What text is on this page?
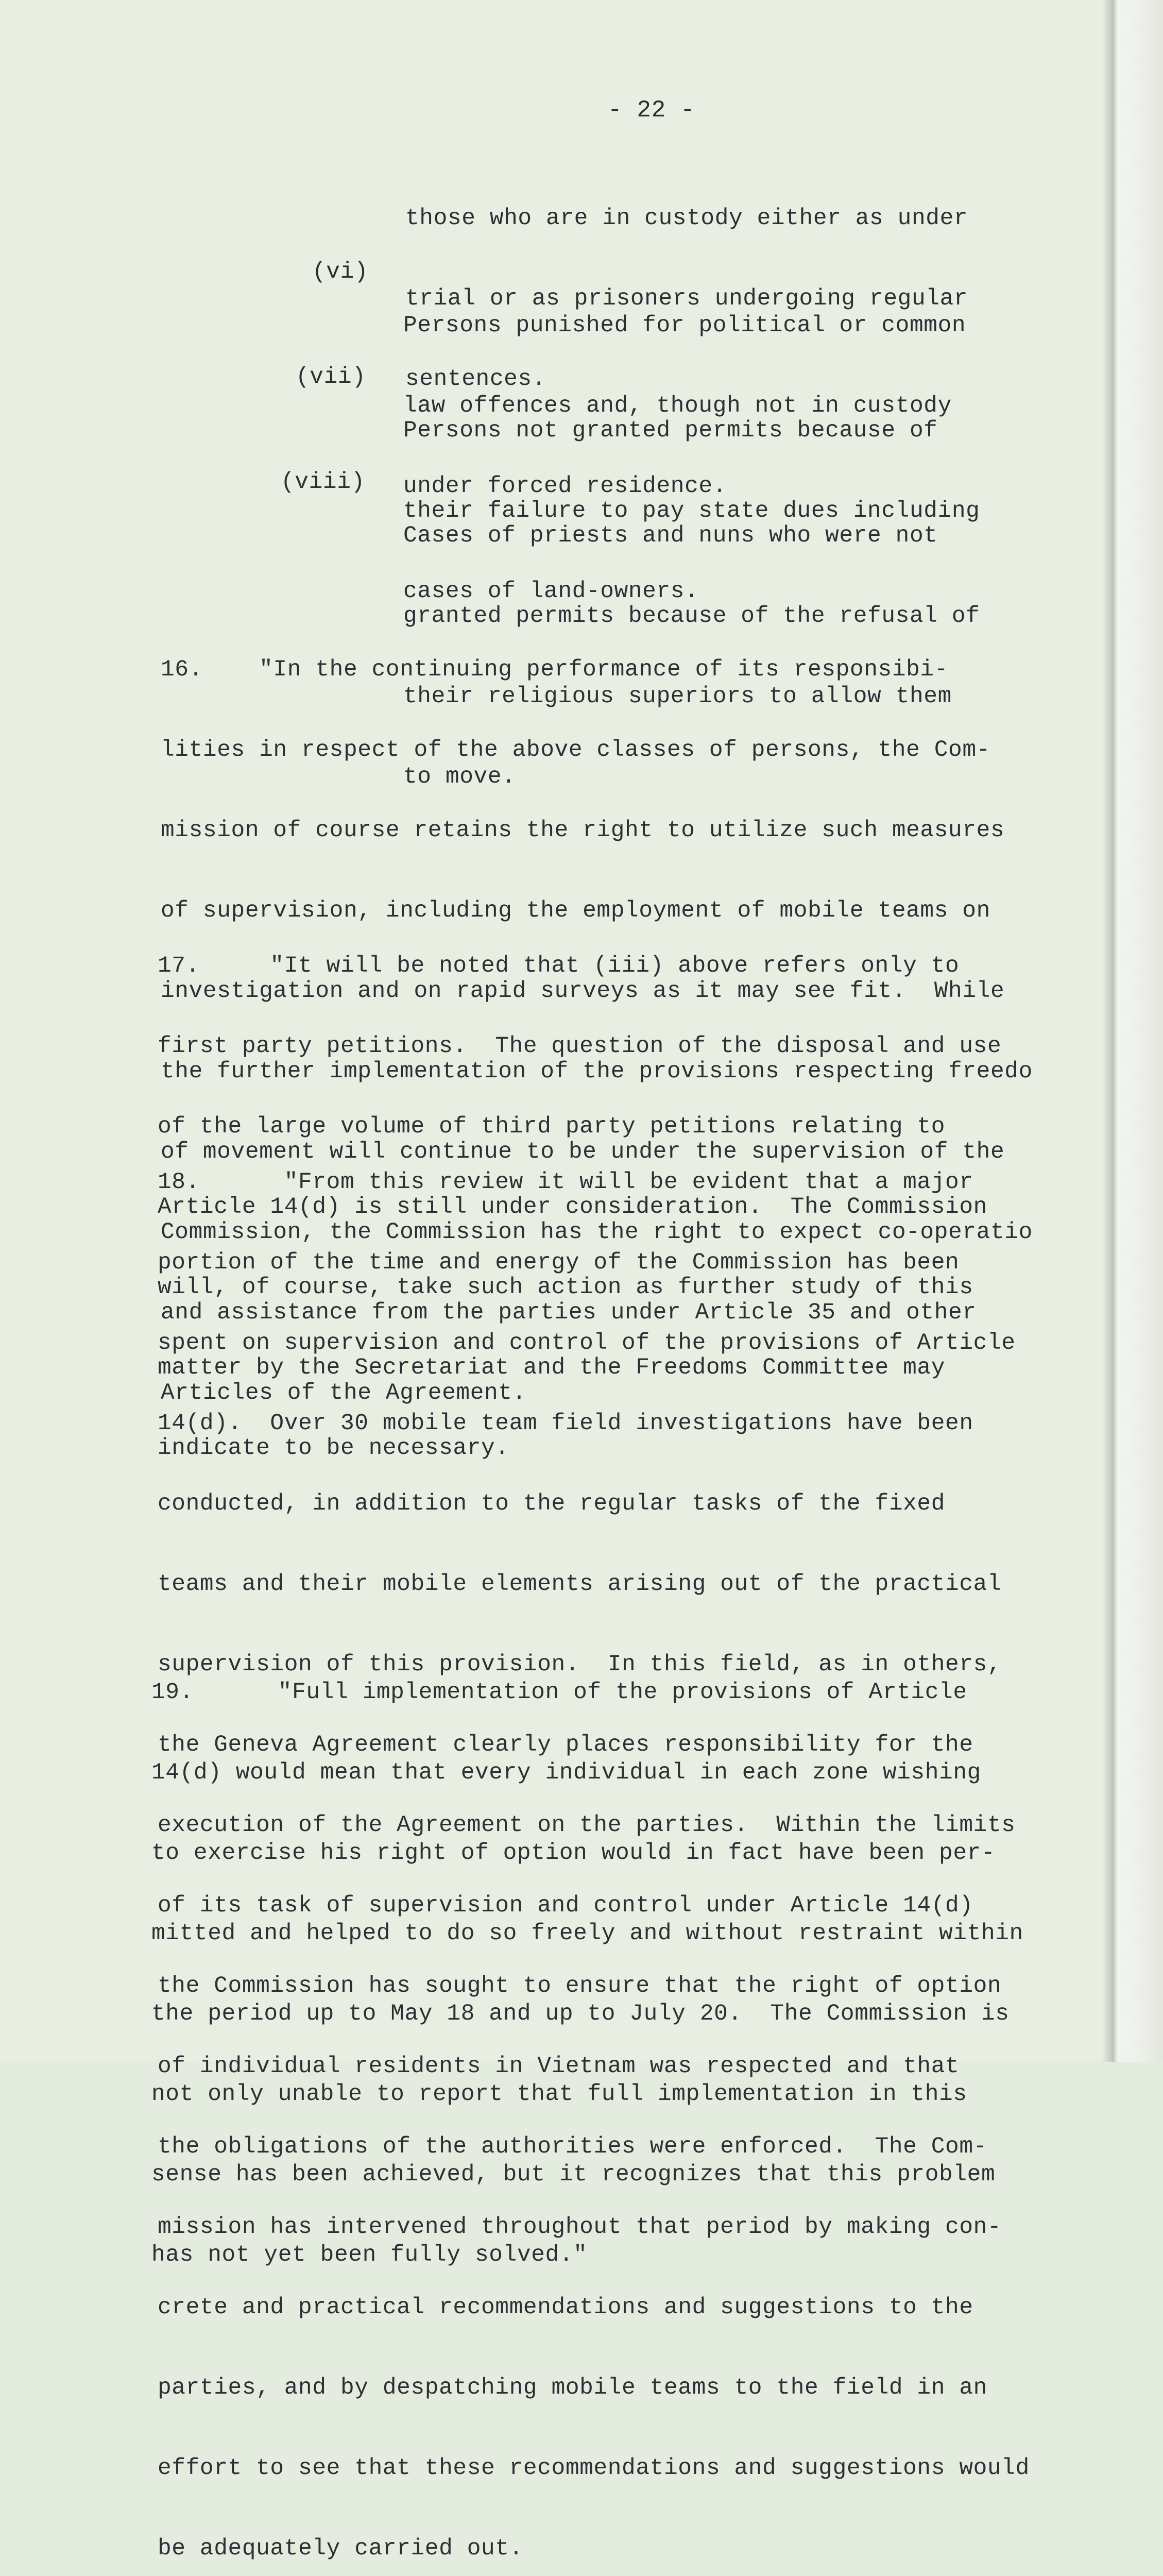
- 22 -

those who are in custody either as under

trial or as prisoners undergoing regular

sentences.

(vi)

Persons punished for political or common

law offences and, though not in custody

under forced residence.

(vii)

Persons not granted permits because of

their failure to pay state dues including

cases of land-owners.

(viii)

Cases of priests and nuns who were not

granted permits because of the refusal of

their religious superiors to allow them

to move.

16.    "In the continuing performance of its responsibi-

lities in respect of the above classes of persons, the Com-

mission of course retains the right to utilize such measures

of supervision, including the employment of mobile teams on

investigation and on rapid surveys as it may see fit.  While

the further implementation of the provisions respecting freedo

of movement will continue to be under the supervision of the

Commission, the Commission has the right to expect co-operatio

and assistance from the parties under Article 35 and other

Articles of the Agreement.

17.     "It will be noted that (iii) above refers only to

first party petitions.  The question of the disposal and use

of the large volume of third party petitions relating to

Article 14(d) is still under consideration.  The Commission

will, of course, take such action as further study of this

matter by the Secretariat and the Freedoms Committee may

indicate to be necessary.

18.      "From this review it will be evident that a major

portion of the time and energy of the Commission has been

spent on supervision and control of the provisions of Article

14(d).  Over 30 mobile team field investigations have been

conducted, in addition to the regular tasks of the fixed

teams and their mobile elements arising out of the practical

supervision of this provision.  In this field, as in others,

the Geneva Agreement clearly places responsibility for the

execution of the Agreement on the parties.  Within the limits

of its task of supervision and control under Article 14(d)

the Commission has sought to ensure that the right of option

of individual residents in Vietnam was respected and that

the obligations of the authorities were enforced.  The Com-

mission has intervened throughout that period by making con-

crete and practical recommendations and suggestions to the

parties, and by despatching mobile teams to the field in an

effort to see that these recommendations and suggestions would

be adequately carried out.

19.      "Full implementation of the provisions of Article

14(d) would mean that every individual in each zone wishing

to exercise his right of option would in fact have been per-

mitted and helped to do so freely and without restraint within

the period up to May 18 and up to July 20.  The Commission is

not only unable to report that full implementation in this

sense has been achieved, but it recognizes that this problem

has not yet been fully solved."
